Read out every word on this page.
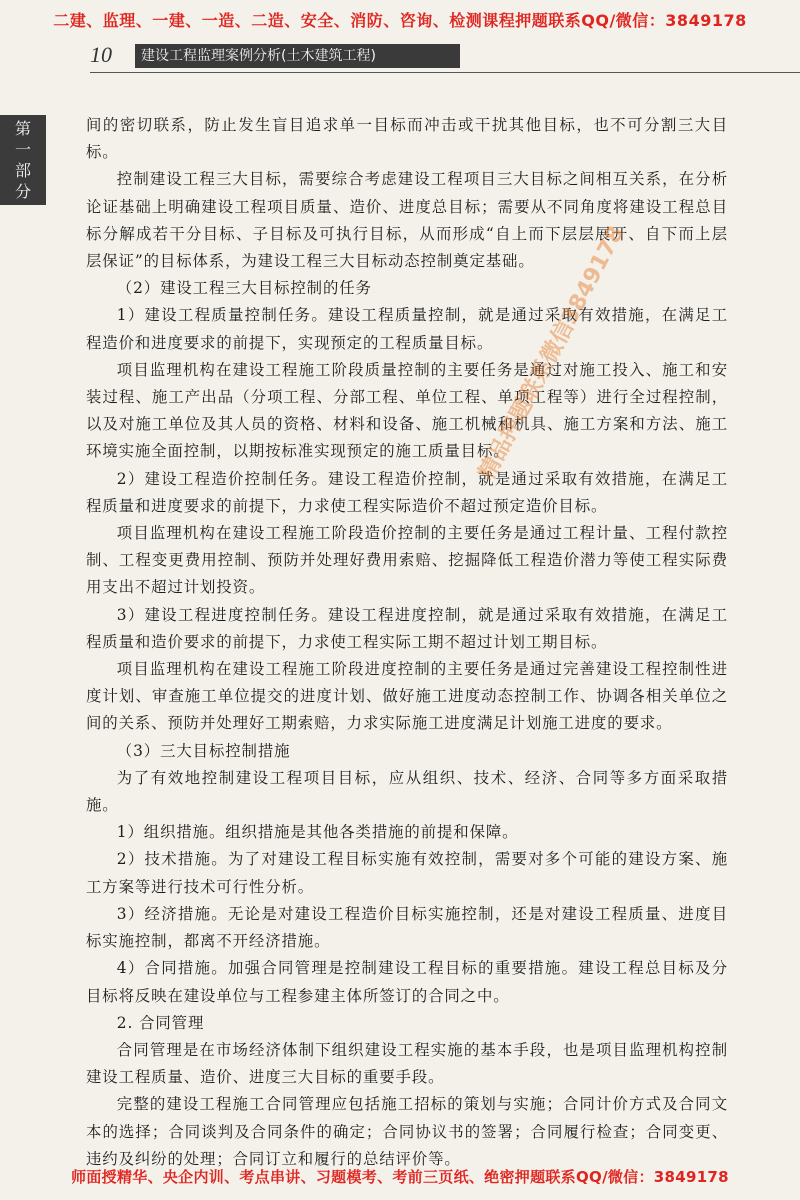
二建、监理、一建、一造、二造、安全、消防、咨询、检测课程押题联系QQ/微信：3849178
10	建设工程监理案例分析(土木建筑工程)
第
一
部
分

间的密切联系，防止发生盲目追求单一目标而冲击或干扰其他目标，也不可分割三大目标。

控制建设工程三大目标，需要综合考虑建设工程项目三大目标之间相互关系，在分析论证基础上明确建设工程项目质量、造价、进度总目标；需要从不同角度将建设工程总目标分解成若干分目标、子目标及可执行目标，从而形成“自上而下层层展开、自下而上层层保证”的目标体系，为建设工程三大目标动态控制奠定基础。

（2）建设工程三大目标控制的任务

1）建设工程质量控制任务。建设工程质量控制，就是通过采取有效措施，在满足工程造价和进度要求的前提下，实现预定的工程质量目标。

项目监理机构在建设工程施工阶段质量控制的主要任务是通过对施工投入、施工和安装过程、施工产出品（分项工程、分部工程、单位工程、单项工程等）进行全过程控制，以及对施工单位及其人员的资格、材料和设备、施工机械和机具、施工方案和方法、施工环境实施全面控制，以期按标准实现预定的施工质量目标。

2）建设工程造价控制任务。建设工程造价控制，就是通过采取有效措施，在满足工程质量和进度要求的前提下，力求使工程实际造价不超过预定造价目标。

项目监理机构在建设工程施工阶段造价控制的主要任务是通过工程计量、工程付款控制、工程变更费用控制、预防并处理好费用索赔、挖掘降低工程造价潜力等使工程实际费用支出不超过计划投资。

3）建设工程进度控制任务。建设工程进度控制，就是通过采取有效措施，在满足工程质量和造价要求的前提下，力求使工程实际工期不超过计划工期目标。

项目监理机构在建设工程施工阶段进度控制的主要任务是通过完善建设工程控制性进度计划、审查施工单位提交的进度计划、做好施工进度动态控制工作、协调各相关单位之间的关系、预防并处理好工期索赔，力求实际施工进度满足计划施工进度的要求。

（3）三大目标控制措施

为了有效地控制建设工程项目目标，应从组织、技术、经济、合同等多方面采取措施。

1）组织措施。组织措施是其他各类措施的前提和保障。

2）技术措施。为了对建设工程目标实施有效控制，需要对多个可能的建设方案、施工方案等进行技术可行性分析。

3）经济措施。无论是对建设工程造价目标实施控制，还是对建设工程质量、进度目标实施控制，都离不开经济措施。

4）合同措施。加强合同管理是控制建设工程目标的重要措施。建设工程总目标及分目标将反映在建设单位与工程参建主体所签订的合同之中。

2. 合同管理

合同管理是在市场经济体制下组织建设工程实施的基本手段，也是项目监理机构控制建设工程质量、造价、进度三大目标的重要手段。

完整的建设工程施工合同管理应包括施工招标的策划与实施；合同计价方式及合同文本的选择；合同谈判及合同条件的确定；合同协议书的签署；合同履行检查；合同变更、违约及纠纷的处理；合同订立和履行的总结评价等。

精品押题联系微信3849178
师面授精华、央企内训、考点串讲、习题模考、考前三页纸、绝密押题联系QQ/微信：3849178
